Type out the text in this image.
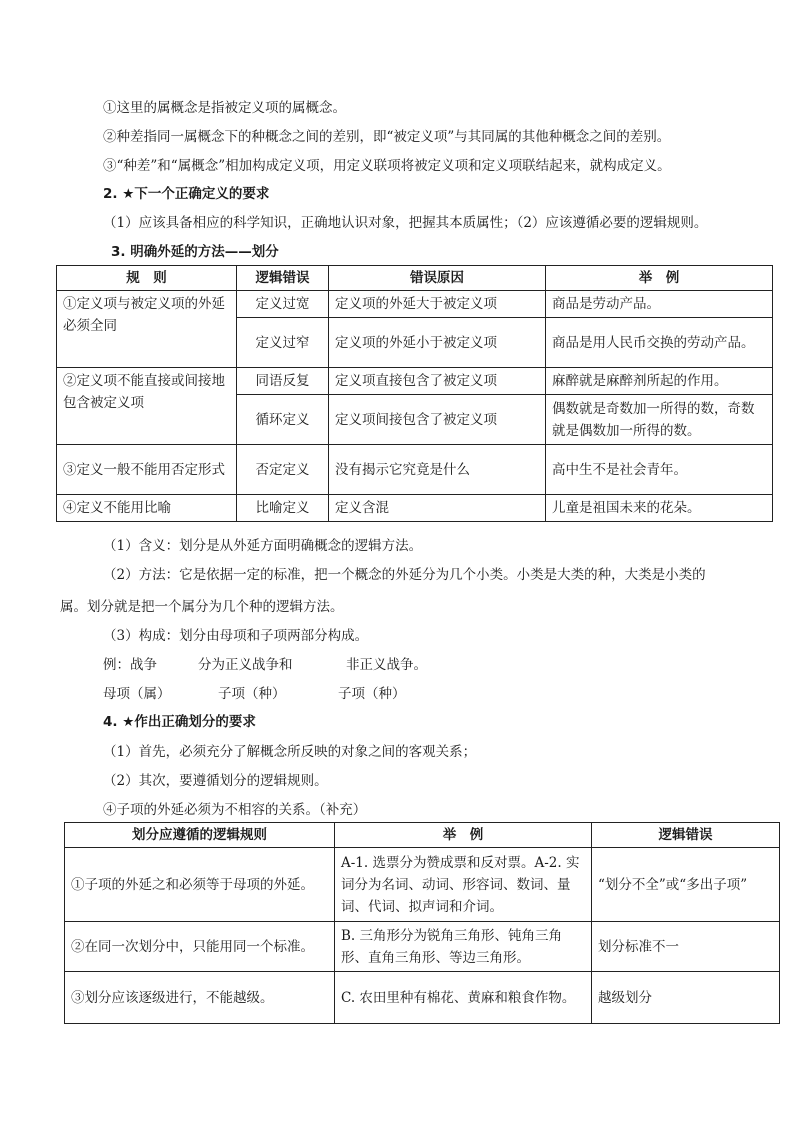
①这里的属概念是指被定义项的属概念。
②种差指同一属概念下的种概念之间的差别，即“被定义项”与其同属的其他种概念之间的差别。
③“种差”和“属概念”相加构成定义项，用定义联项将被定义项和定义项联结起来，就构成定义。
2. ★下一个正确定义的要求
（1）应该具备相应的科学知识，正确地认识对象，把握其本质属性；（2）应该遵循必要的逻辑规则。
3. 明确外延的方法——划分
规　则	逻辑错误	错误原因	举　例
①定义项与被定义项的外延必须全同	定义过宽	定义项的外延大于被定义项	商品是劳动产品。
	定义过窄	定义项的外延小于被定义项	商品是用人民币交换的劳动产品。
②定义项不能直接或间接地包含被定义项	同语反复	定义项直接包含了被定义项	麻醉就是麻醉剂所起的作用。
	循环定义	定义项间接包含了被定义项	偶数就是奇数加一所得的数，奇数就是偶数加一所得的数。
③定义一般不能用否定形式	否定定义	没有揭示它究竟是什么	高中生不是社会青年。
④定义不能用比喻	比喻定义	定义含混	儿童是祖国未来的花朵。
（1）含义：划分是从外延方面明确概念的逻辑方法。
（2）方法：它是依据一定的标准，把一个概念的外延分为几个小类。小类是大类的种，大类是小类的
属。划分就是把一个属分为几个种的逻辑方法。
（3）构成：划分由母项和子项两部分构成。
例：战争	分为正义战争和	非正义战争。
母项（属）	子项（种）	子项（种）
4. ★作出正确划分的要求
（1）首先，必须充分了解概念所反映的对象之间的客观关系；
（2）其次，要遵循划分的逻辑规则。
④子项的外延必须为不相容的关系。（补充）
划分应遵循的逻辑规则	举　例	逻辑错误
①子项的外延之和必须等于母项的外延。	A-1. 选票分为赞成票和反对票。A-2. 实词分为名词、动词、形容词、数词、量词、代词、拟声词和介词。	“划分不全”或“多出子项”
②在同一次划分中，只能用同一个标准。	B. 三角形分为锐角三角形、钝角三角形、直角三角形、等边三角形。	划分标准不一
③划分应该逐级进行，不能越级。	C. 农田里种有棉花、黄麻和粮食作物。	越级划分
